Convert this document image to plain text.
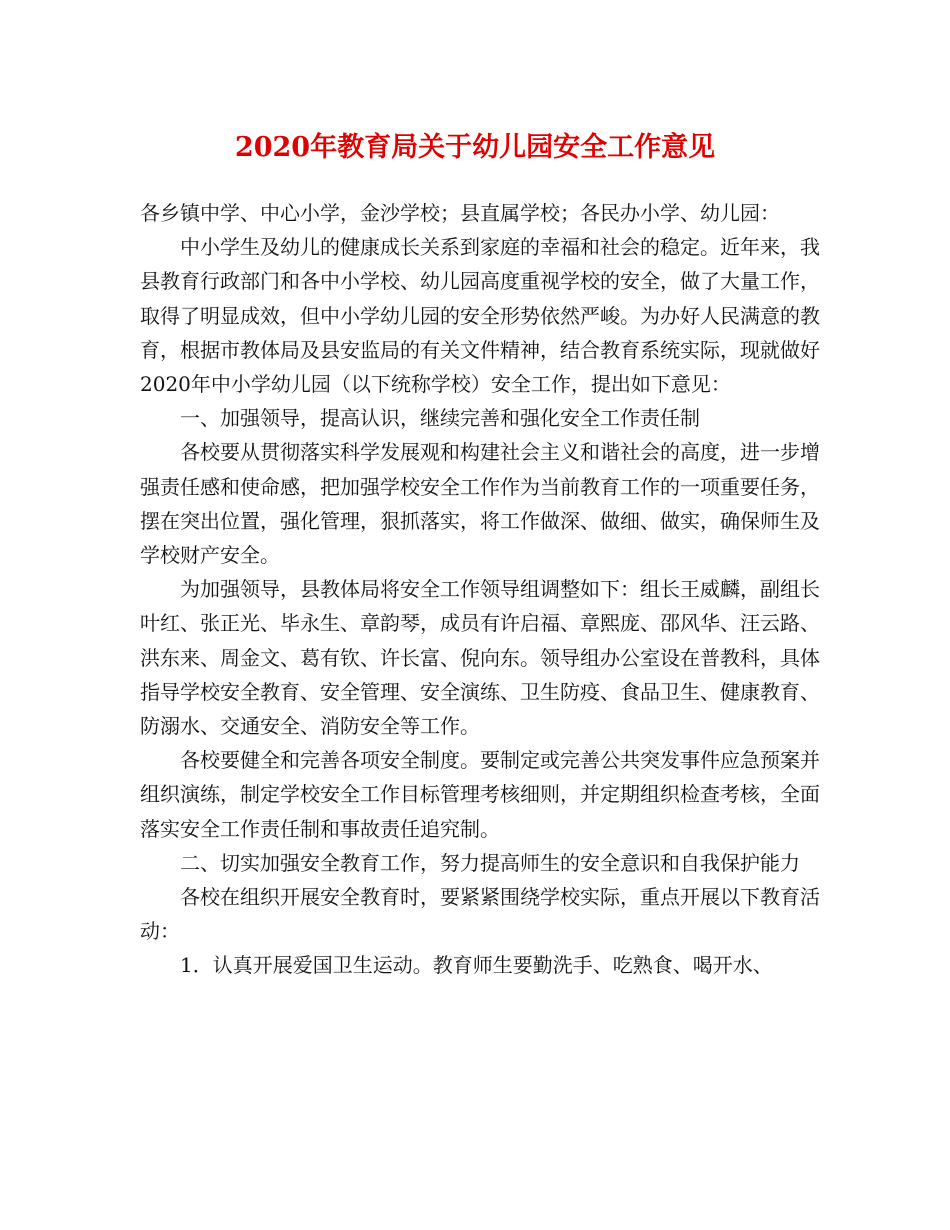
2020年教育局关于幼儿园安全工作意见

各乡镇中学、中心小学，金沙学校；县直属学校；各民办小学、幼儿园：

中小学生及幼儿的健康成长关系到家庭的幸福和社会的稳定。近年来，我县教育行政部门和各中小学校、幼儿园高度重视学校的安全，做了大量工作，取得了明显成效，但中小学幼儿园的安全形势依然严峻。为办好人民满意的教育，根据市教体局及县安监局的有关文件精神，结合教育系统实际，现就做好2020年中小学幼儿园（以下统称学校）安全工作，提出如下意见：

一、加强领导，提高认识，继续完善和强化安全工作责任制

各校要从贯彻落实科学发展观和构建社会主义和谐社会的高度，进一步增强责任感和使命感，把加强学校安全工作作为当前教育工作的一项重要任务，摆在突出位置，强化管理，狠抓落实，将工作做深、做细、做实，确保师生及学校财产安全。

为加强领导，县教体局将安全工作领导组调整如下：组长王威麟，副组长叶红、张正光、毕永生、章韵琴，成员有许启福、章熙庞、邵风华、汪云路、洪东来、周金文、葛有钦、许长富、倪向东。领导组办公室设在普教科，具体指导学校安全教育、安全管理、安全演练、卫生防疫、食品卫生、健康教育、防溺水、交通安全、消防安全等工作。

各校要健全和完善各项安全制度。要制定或完善公共突发事件应急预案并组织演练，制定学校安全工作目标管理考核细则，并定期组织检查考核，全面落实安全工作责任制和事故责任追究制。

二、切实加强安全教育工作，努力提高师生的安全意识和自我保护能力

各校在组织开展安全教育时，要紧紧围绕学校实际，重点开展以下教育活动：

1．认真开展爱国卫生运动。教育师生要勤洗手、吃熟食、喝开水、
